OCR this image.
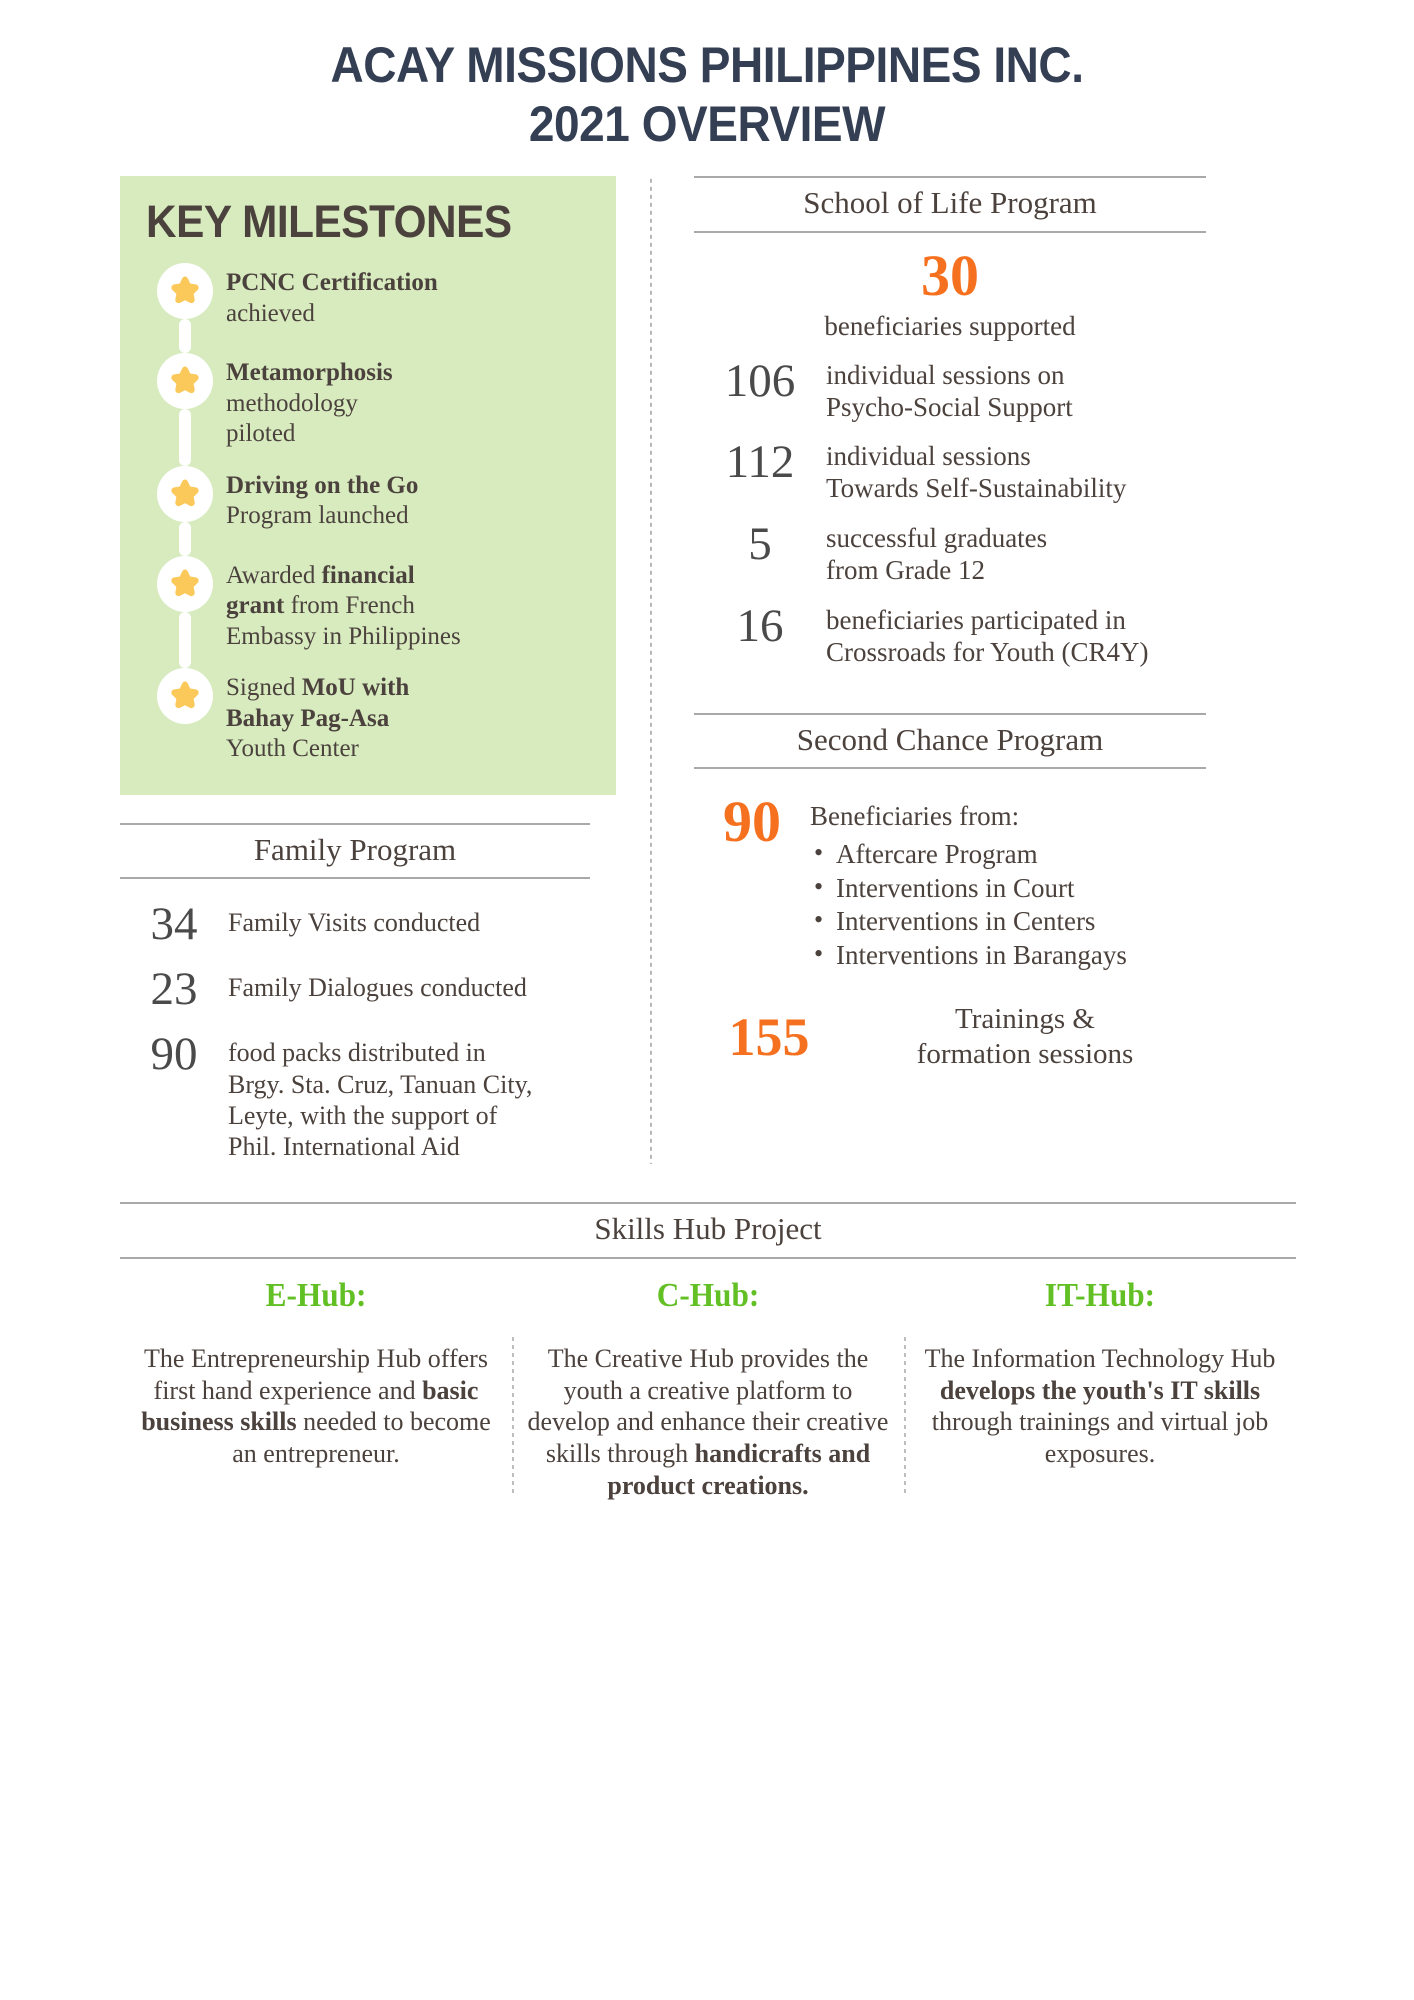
ACAY MISSIONS PHILIPPINES INC.
2021 OVERVIEW
KEY MILESTONES
PCNC Certification
achieved
Metamorphosis
methodology
piloted
Driving on the Go
Program launched
Awarded financial
grant from French
Embassy in Philippines
Signed MoU with
Bahay Pag-Asa
Youth Center
Family Program
34	Family Visits conducted
23	Family Dialogues conducted
90	food packs distributed in
Brgy. Sta. Cruz, Tanuan City,
Leyte, with the support of
Phil. International Aid
School of Life Program
30
beneficiaries supported
106	individual sessions on
Psycho-Social Support
112	individual sessions
Towards Self-Sustainability
5	successful graduates
from Grade 12
16	beneficiaries participated in
Crossroads for Youth (CR4Y)
Second Chance Program
90	Beneficiaries from:
• Aftercare Program
• Interventions in Court
• Interventions in Centers
• Interventions in Barangays
155	Trainings &
formation sessions
Skills Hub Project
E-Hub:
The Entrepreneurship Hub offers first hand experience and basic business skills needed to become an entrepreneur.
C-Hub:
The Creative Hub provides the youth a creative platform to develop and enhance their creative skills through handicrafts and product creations.
IT-Hub:
The Information Technology Hub develops the youth's IT skills through trainings and virtual job exposures.
